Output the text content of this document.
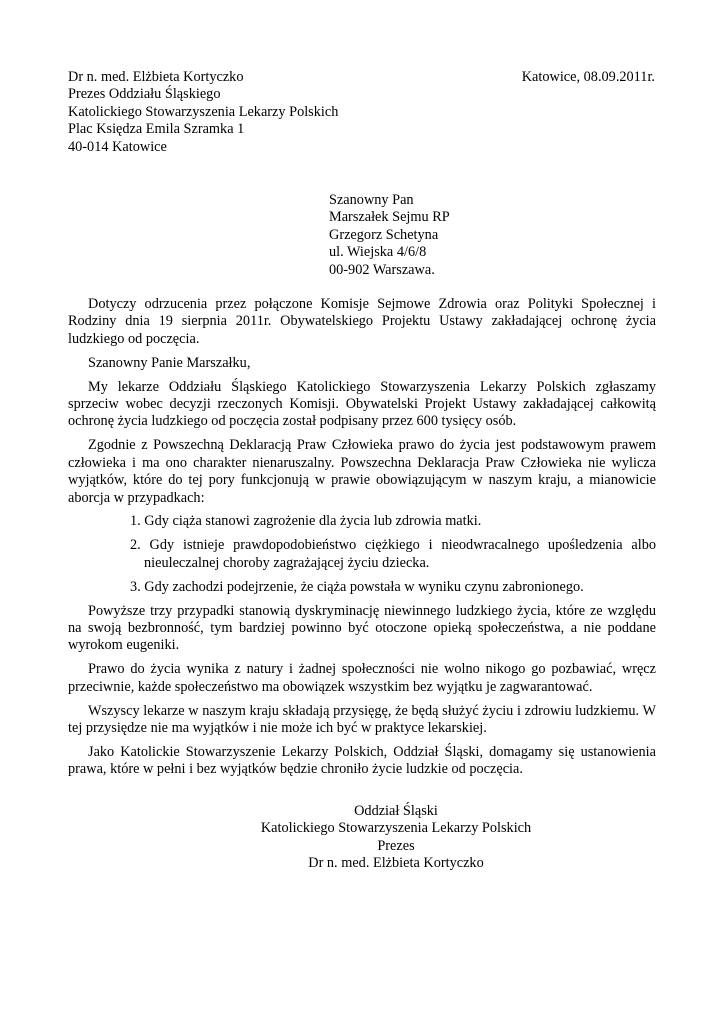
Dr n. med. Elżbieta Kortyczko
Prezes Oddziału Śląskiego
Katolickiego Stowarzyszenia Lekarzy Polskich
Plac Księdza Emila Szramka 1
40-014 Katowice
Katowice, 08.09.2011r.
Szanowny Pan
Marszałek Sejmu RP
Grzegorz Schetyna
ul. Wiejska 4/6/8
00-902 Warszawa.

Dotyczy odrzucenia przez połączone Komisje Sejmowe Zdrowia oraz Polityki Społecznej i Rodziny dnia 19 sierpnia 2011r. Obywatelskiego Projektu Ustawy zakładającej ochronę życia ludzkiego od poczęcia.

Szanowny Panie Marszałku,

My lekarze Oddziału Śląskiego Katolickiego Stowarzyszenia Lekarzy Polskich zgłaszamy sprzeciw wobec decyzji rzeczonych Komisji. Obywatelski Projekt Ustawy zakładającej całkowitą ochronę życia ludzkiego od poczęcia został podpisany przez 600 tysięcy osób.

Zgodnie z Powszechną Deklaracją Praw Człowieka prawo do życia jest podstawowym prawem człowieka i ma ono charakter nienaruszalny. Powszechna Deklaracja Praw Człowieka nie wylicza wyjątków, które do tej pory funkcjonują w prawie obowiązującym w naszym kraju, a mianowicie aborcja w przypadkach:

1. Gdy ciąża stanowi zagrożenie dla życia lub zdrowia matki.
2. Gdy istnieje prawdopodobieństwo ciężkiego i nieodwracalnego upośledzenia albo nieuleczalnej choroby zagrażającej życiu dziecka.
3. Gdy zachodzi podejrzenie, że ciąża powstała w wyniku czynu zabronionego.

Powyższe trzy przypadki stanowią dyskryminację niewinnego ludzkiego życia, które ze względu na swoją bezbronność, tym bardziej powinno być otoczone opieką społeczeństwa, a nie poddane wyrokom eugeniki.

Prawo do życia wynika z natury i żadnej społeczności nie wolno nikogo go pozbawiać, wręcz przeciwnie, każde społeczeństwo ma obowiązek wszystkim bez wyjątku je zagwarantować.

Wszyscy lekarze w naszym kraju składają przysięgę, że będą służyć życiu i zdrowiu ludzkiemu. W tej przysiędze nie ma wyjątków i nie może ich być w praktyce lekarskiej.

Jako Katolickie Stowarzyszenie Lekarzy Polskich, Oddział Śląski, domagamy się ustanowienia prawa, które w pełni i bez wyjątków będzie chroniło życie ludzkie od poczęcia.

Oddział Śląski
Katolickiego Stowarzyszenia Lekarzy Polskich
Prezes
Dr n. med. Elżbieta Kortyczko
